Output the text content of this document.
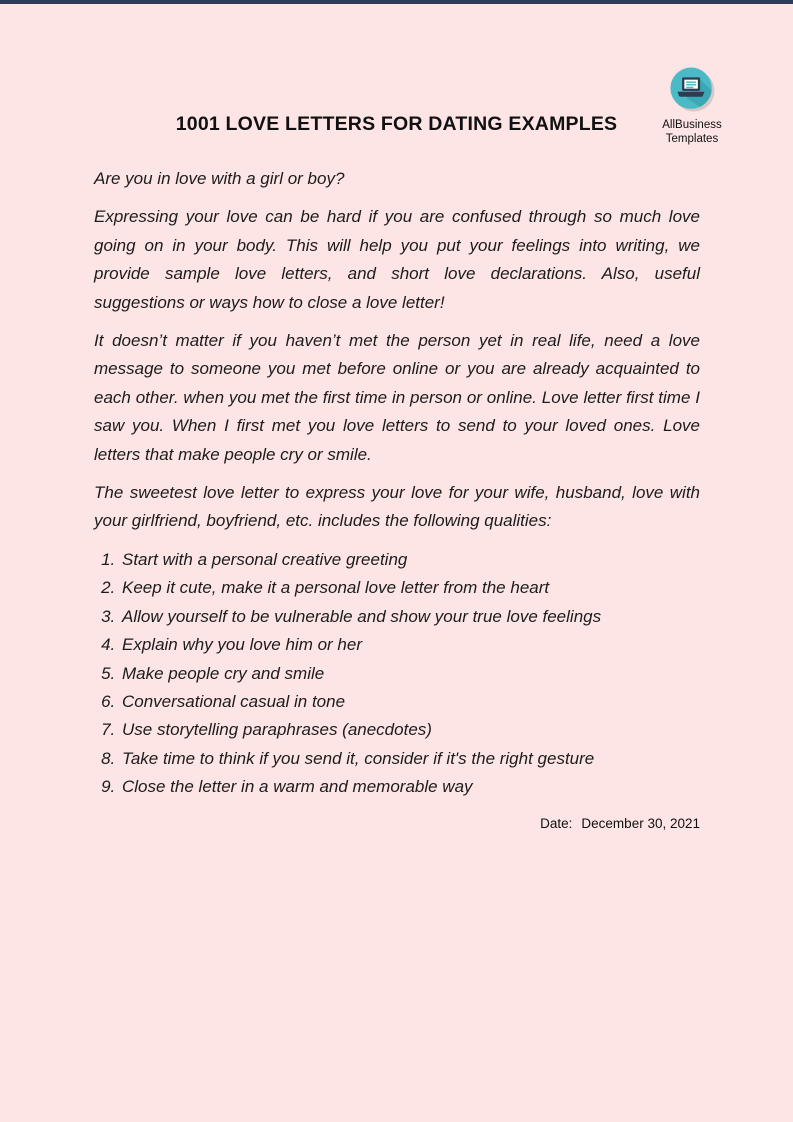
1001 LOVE LETTERS FOR DATING EXAMPLES	AllBusiness
Templates

Are you in love with a girl or boy?

Expressing your love can be hard if you are confused through so much love going on in your body. This will help you put your feelings into writing, we provide sample love letters, and short love declarations. Also, useful suggestions or ways how to close a love letter!

It doesn’t matter if you haven’t met the person yet in real life, need a love message to someone you met before online or you are already acquainted to each other. when you met the first time in person or online. Love letter first time I saw you. When I first met you love letters to send to your loved ones. Love letters that make people cry or smile.

The sweetest love letter to express your love for your wife, husband, love with your girlfriend, boyfriend, etc. includes the following qualities:

1. Start with a personal creative greeting
2. Keep it cute, make it a personal love letter from the heart
3. Allow yourself to be vulnerable and show your true love feelings
4. Explain why you love him or her
5. Make people cry and smile
6. Conversational casual in tone
7. Use storytelling paraphrases (anecdotes)
8. Take time to think if you send it, consider if it's the right gesture
9. Close the letter in a warm and memorable way

Date: December 30, 2021
